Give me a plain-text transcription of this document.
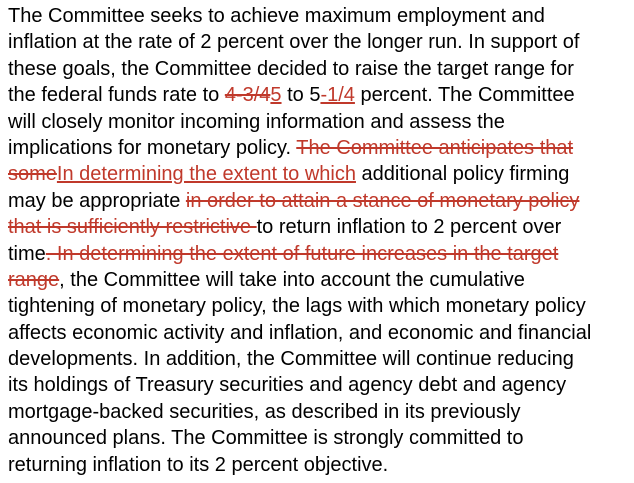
The Committee seeks to achieve maximum employment and
inflation at the rate of 2 percent over the longer run. In support of
these goals, the Committee decided to raise the target range for
the federal funds rate to 4-3/45 to 5-1/4 percent. The Committee
will closely monitor incoming information and assess the
implications for monetary policy. The Committee anticipates that
someIn determining the extent to which additional policy firming
may be appropriate in order to attain a stance of monetary policy
that is sufficiently restrictive to return inflation to 2 percent over
time. In determining the extent of future increases in the target
range, the Committee will take into account the cumulative
tightening of monetary policy, the lags with which monetary policy
affects economic activity and inflation, and economic and financial
developments. In addition, the Committee will continue reducing
its holdings of Treasury securities and agency debt and agency
mortgage-backed securities, as described in its previously
announced plans. The Committee is strongly committed to
returning inflation to its 2 percent objective.
